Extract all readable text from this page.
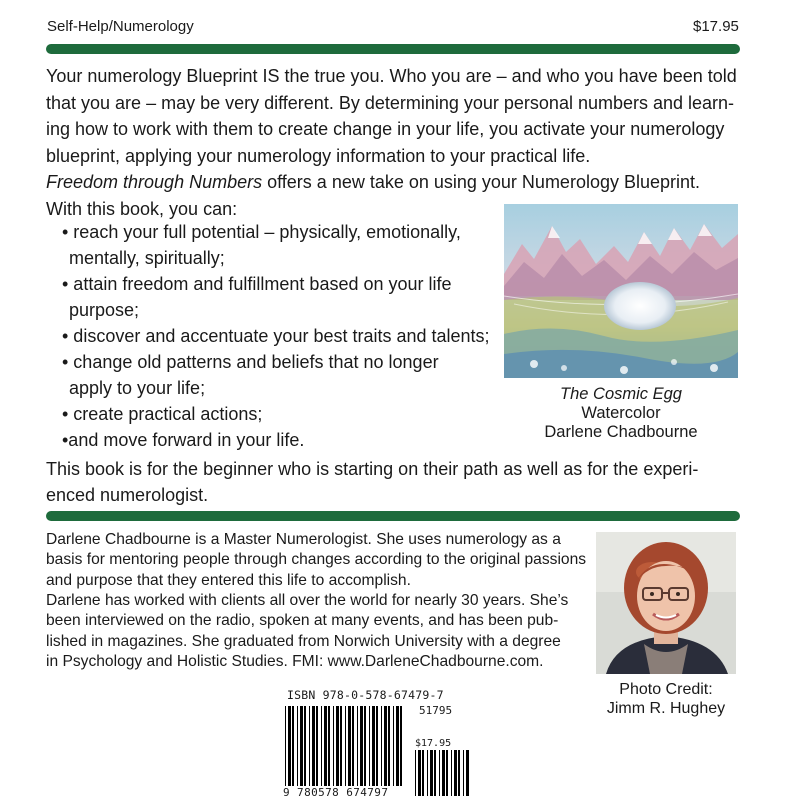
Self-Help/Numerology	$17.95
Your numerology Blueprint IS the true you. Who you are – and who you have been told
that you are – may be very different. By determining your personal numbers and learn-
ing how to work with them to create change in your life, you activate your numerology
blueprint, applying your numerology information to your practical life.
Freedom through Numbers offers a new take on using your Numerology Blueprint.
With this book, you can:
• reach your full potential – physically, emotionally,
mentally, spiritually;
• attain freedom and fulfillment based on your life
purpose;
• discover and accentuate your best traits and talents;
• change old patterns and beliefs that no longer
apply to your life;
• create practical actions;
•and move forward in your life.
The Cosmic Egg
Watercolor
Darlene Chadbourne
This book is for the beginner who is starting on their path as well as for the experi-
enced numerologist.
Darlene Chadbourne is a Master Numerologist. She uses numerology as a
basis for mentoring people through changes according to the original passions
and purpose that they entered this life to accomplish.
Darlene has worked with clients all over the world for nearly 30 years. She’s
been interviewed on the radio, spoken at many events, and has been pub-
lished in magazines. She graduated from Norwich University with a degree
in Psychology and Holistic Studies. FMI: www.DarleneChadbourne.com.
Photo Credit:
Jimm R. Hughey
ISBN 978-0-578-67479-7
51795
$17.95
9 780578 674797
